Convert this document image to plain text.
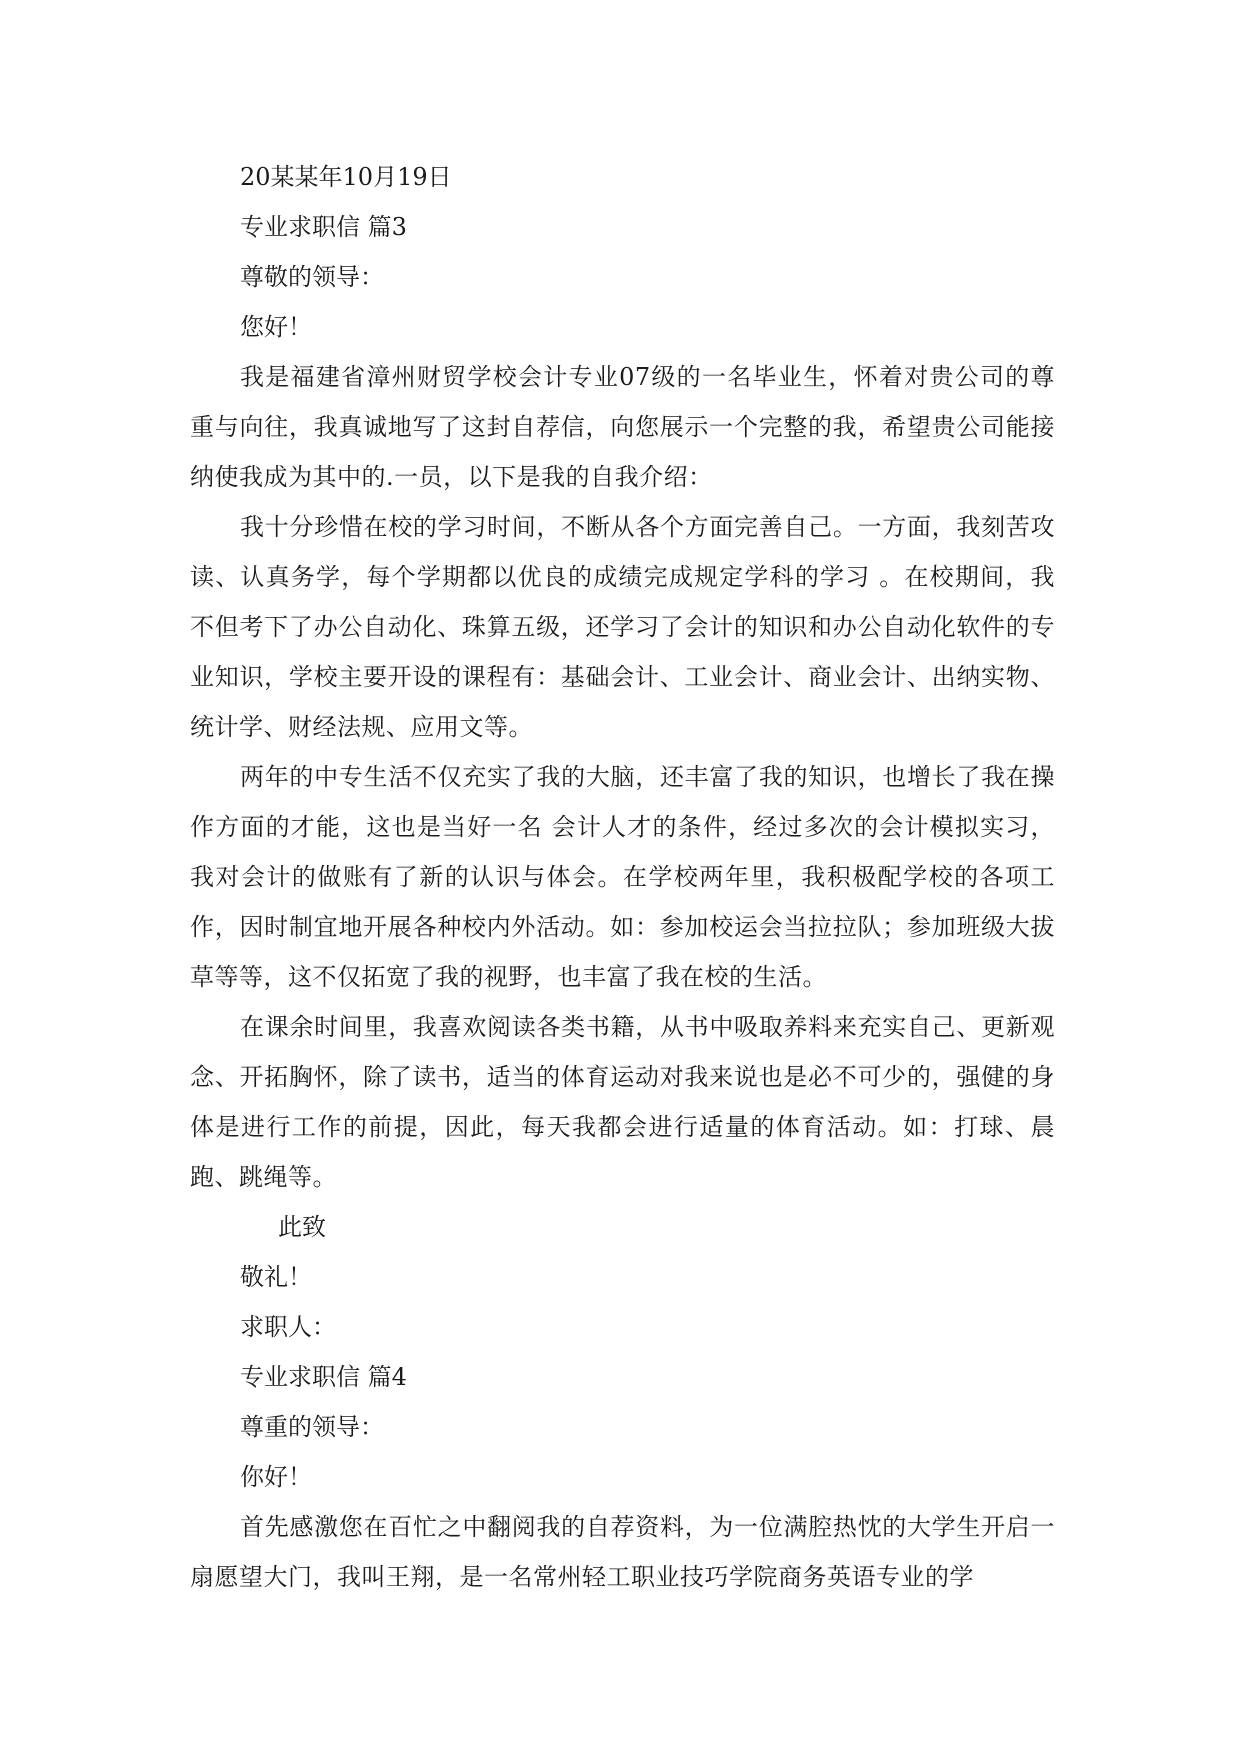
20某某年10月19日

专业求职信 篇3

尊敬的领导：

您好！

我是福建省漳州财贸学校会计专业07级的一名毕业生，怀着对贵公司的尊重与向往，我真诚地写了这封自荐信，向您展示一个完整的我，希望贵公司能接纳使我成为其中的.一员，以下是我的自我介绍：

我十分珍惜在校的学习时间，不断从各个方面完善自己。一方面，我刻苦攻读、认真务学，每个学期都以优良的成绩完成规定学科的学习 。在校期间，我不但考下了办公自动化、珠算五级，还学习了会计的知识和办公自动化软件的专业知识，学校主要开设的课程有：基础会计、工业会计、商业会计、出纳实物、统计学、财经法规、应用文等。

两年的中专生活不仅充实了我的大脑，还丰富了我的知识，也增长了我在操作方面的才能，这也是当好一名 会计人才的条件，经过多次的会计模拟实习，我对会计的做账有了新的认识与体会。在学校两年里，我积极配学校的各项工作，因时制宜地开展各种校内外活动。如：参加校运会当拉拉队；参加班级大拔草等等，这不仅拓宽了我的视野，也丰富了我在校的生活。

在课余时间里，我喜欢阅读各类书籍，从书中吸取养料来充实自己、更新观念、开拓胸怀，除了读书，适当的体育运动对我来说也是必不可少的，强健的身体是进行工作的前提，因此，每天我都会进行适量的体育活动。如：打球、晨跑、跳绳等。

此致

敬礼！

求职人：

专业求职信 篇4

尊重的领导：

你好！

首先感激您在百忙之中翻阅我的自荐资料，为一位满腔热忱的大学生开启一扇愿望大门，我叫王翔，是一名常州轻工职业技巧学院商务英语专业的学
